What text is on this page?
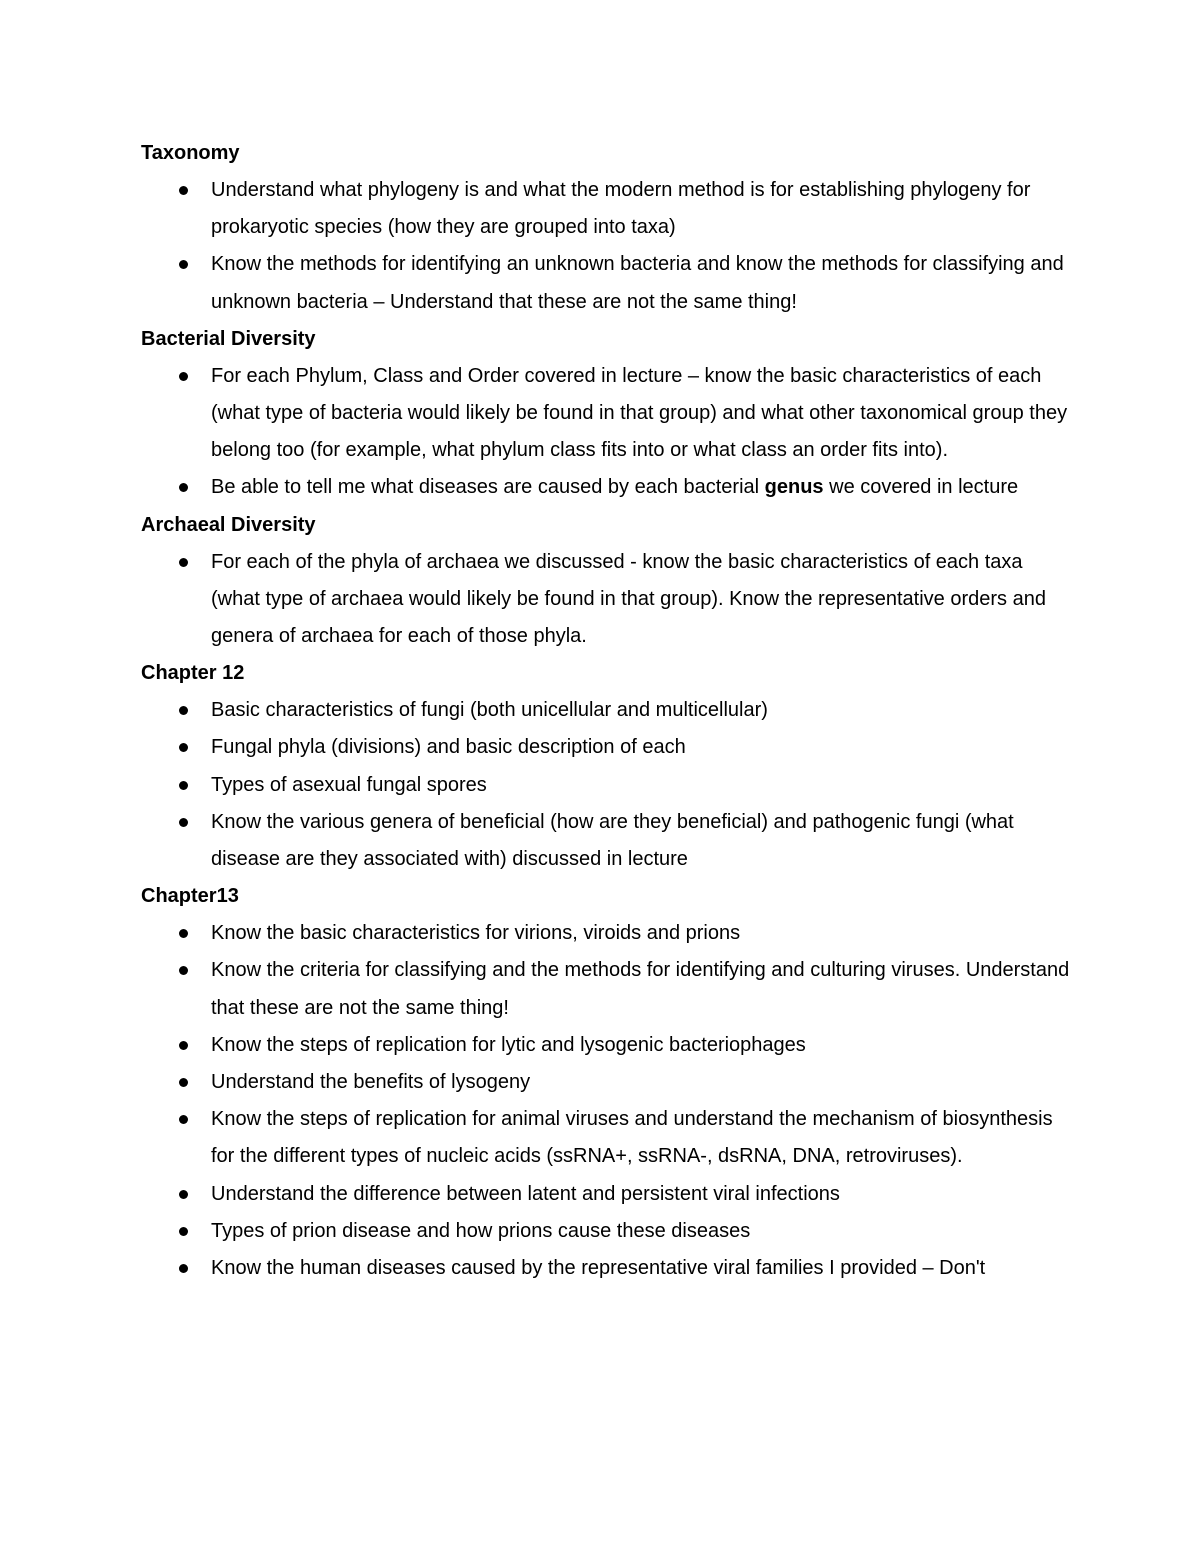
Taxonomy
Understand what phylogeny is and what the modern method is for establishing phylogeny for prokaryotic species (how they are grouped into taxa)
Know the methods for identifying an unknown bacteria and know the methods for classifying and unknown bacteria – Understand that these are not the same thing!
Bacterial Diversity
For each Phylum, Class and Order covered in lecture – know the basic characteristics of each (what type of bacteria would likely be found in that group) and what other taxonomical group they belong too (for example, what phylum class fits into or what class an order fits into).
Be able to tell me what diseases are caused by each bacterial genus we covered in lecture
Archaeal Diversity
For each of the phyla of archaea we discussed - know the basic characteristics of each taxa (what type of archaea would likely be found in that group). Know the representative orders and genera of archaea for each of those phyla.
Chapter 12
Basic characteristics of fungi (both unicellular and multicellular)
Fungal phyla (divisions) and basic description of each
Types of asexual fungal spores
Know the various genera of beneficial (how are they beneficial) and pathogenic fungi (what disease are they associated with) discussed in lecture
Chapter13
Know the basic characteristics for virions, viroids and prions
Know the criteria for classifying and the methods for identifying and culturing viruses. Understand that these are not the same thing!
Know the steps of replication for lytic and lysogenic bacteriophages
Understand the benefits of lysogeny
Know the steps of replication for animal viruses and understand the mechanism of biosynthesis for the different types of nucleic acids (ssRNA+, ssRNA-, dsRNA, DNA, retroviruses).
Understand the difference between latent and persistent viral infections
Types of prion disease and how prions cause these diseases
Know the human diseases caused by the representative viral families I provided – Don't
